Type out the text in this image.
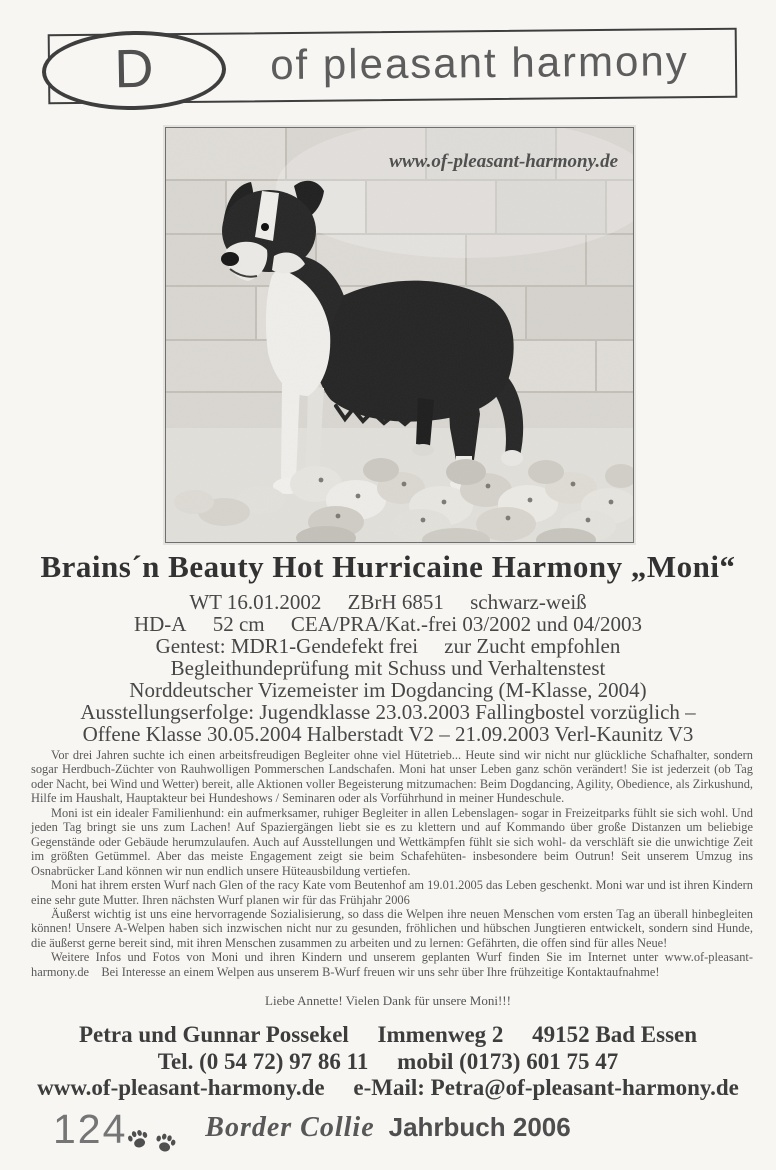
of pleasant harmony
D
www.of-pleasant-harmony.de
Brains´n Beauty Hot Hurricaine Harmony „Moni“

WT 16.01.2002     ZBrH 6851     schwarz-weiß

HD-A     52 cm     CEA/PRA/Kat.-frei 03/2002 und 04/2003

Gentest: MDR1-Gendefekt frei     zur Zucht empfohlen

Begleithundeprüfung mit Schuss und Verhaltenstest

Norddeutscher Vizemeister im Dogdancing (M-Klasse, 2004)

Ausstellungserfolge: Jugendklasse 23.03.2003 Fallingbostel vorzüglich –

Offene Klasse 30.05.2004 Halberstadt V2 – 21.09.2003 Verl-Kaunitz V3

Vor drei Jahren suchte ich einen arbeitsfreudigen Begleiter ohne viel Hütetrieb... Heute sind wir nicht nur glückliche Schafhalter, sondern sogar Herdbuch-Züchter von Rauhwolligen Pommerschen Landschafen. Moni hat unser Leben ganz schön verändert! Sie ist jederzeit (ob Tag oder Nacht, bei Wind und Wetter) bereit, alle Aktionen voller Begeisterung mitzumachen: Beim Dogdancing, Agility, Obedience, als Zirkushund, Hilfe im Haushalt, Hauptakteur bei Hundeshows / Seminaren oder als Vorführhund in meiner Hundeschule.

Moni ist ein idealer Familienhund: ein aufmerksamer, ruhiger Begleiter in allen Lebenslagen- sogar in Freizeitparks fühlt sie sich wohl. Und jeden Tag bringt sie uns zum Lachen! Auf Spaziergängen liebt sie es zu klettern und auf Kommando über große Distanzen um beliebige Gegenstände oder Gebäude herumzulaufen. Auch auf Ausstellungen und Wettkämpfen fühlt sie sich wohl- da verschläft sie die unwichtige Zeit im größten Getümmel. Aber das meiste Engagement zeigt sie beim Schafehüten- insbesondere beim Outrun! Seit unserem Umzug ins Osnabrücker Land können wir nun endlich unsere Hüteausbildung vertiefen.

Moni hat ihrem ersten Wurf nach Glen of the racy Kate vom Beutenhof am 19.01.2005 das Leben geschenkt. Moni war und ist ihren Kindern eine sehr gute Mutter. Ihren nächsten Wurf planen wir für das Frühjahr 2006

Äußerst wichtig ist uns eine hervorragende Sozialisierung, so dass die Welpen ihre neuen Menschen vom ersten Tag an überall hinbegleiten können! Unsere A-Welpen haben sich inzwischen nicht nur zu gesunden, fröhlichen und hübschen Jungtieren entwickelt, sondern sind Hunde, die äußerst gerne bereit sind, mit ihren Menschen zusammen zu arbeiten und zu lernen: Gefährten, die offen sind für alles Neue!

Weitere Infos und Fotos von Moni und ihren Kindern und unserem geplanten Wurf finden Sie im Internet unter www.of-pleasant-harmony.de    Bei Interesse an einem Welpen aus unserem B-Wurf freuen wir uns sehr über Ihre frühzeitige Kontaktaufnahme!

Liebe Annette! Vielen Dank für unsere Moni!!!

Petra und Gunnar Possekel     Immenweg 2     49152 Bad Essen

Tel. (0 54 72) 97 86 11     mobil (0173) 601 75 47

www.of-pleasant-harmony.de     e-Mail: Petra@of-pleasant-harmony.de

124	Border Collie Jahrbuch 2006
